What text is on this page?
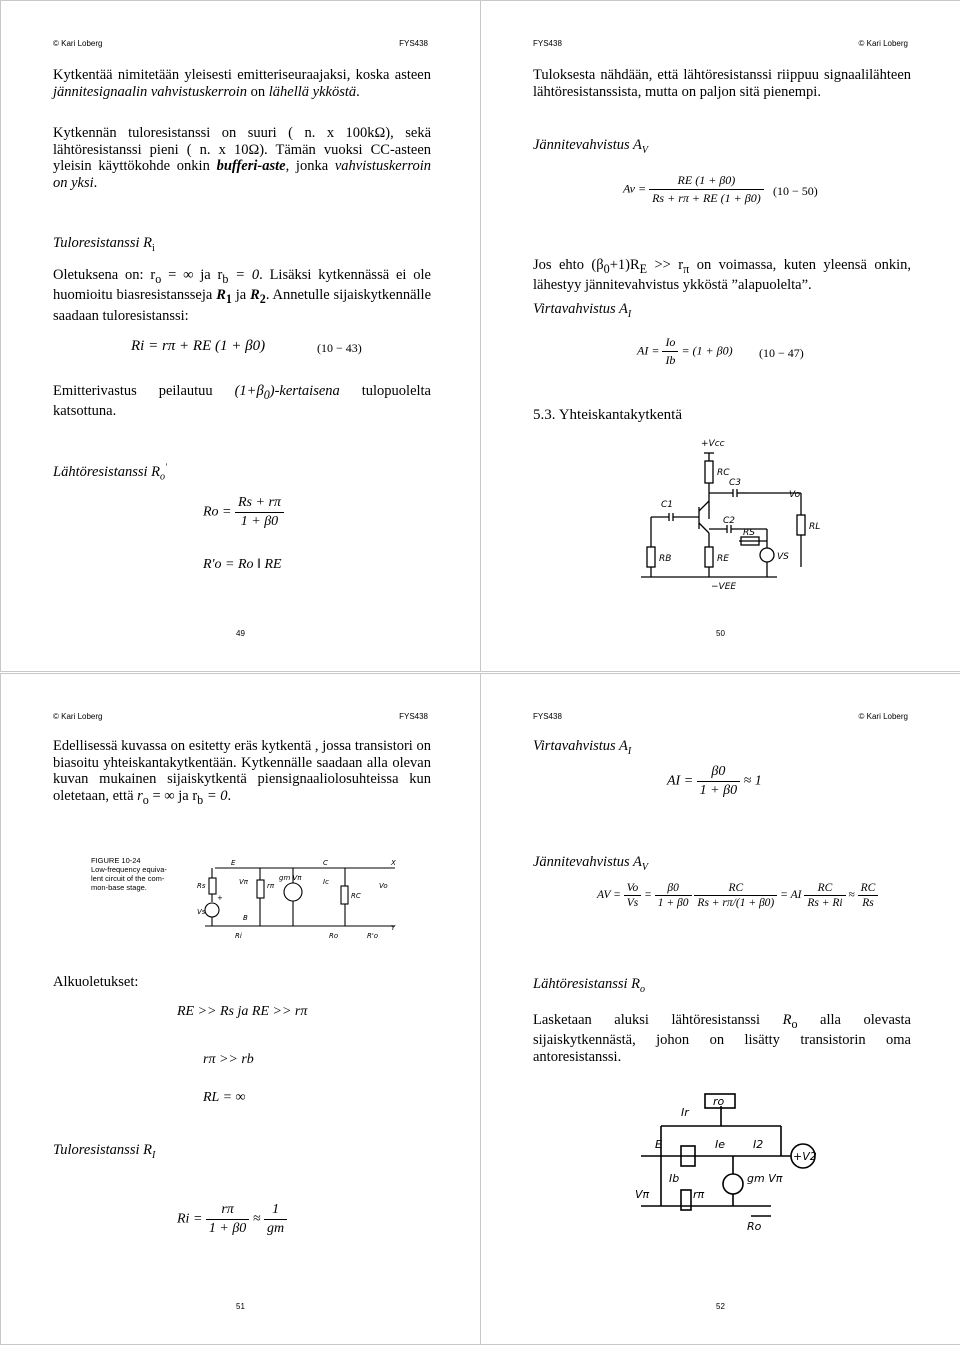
© Kari Loberg	FYS438
Kytkentää nimitetään yleisesti emitteriseuraajaksi, koska asteen jännitesignaalin vahvistuskerroin on lähellä ykköstä.
Kytkennän tuloresistanssi on suuri ( n. x 100kΩ), sekä lähtöresistanssi pieni ( n. x 10Ω). Tämän vuoksi CC-asteen yleisin käyttökohde onkin bufferi-aste, jonka vahvistuskerroin on yksi.
Tuloresistanssi $R_i$
Oletuksena on: $r_o$ = ∞ ja $r_b = 0$. Lisäksi kytkennässä ei ole huomioitu biasresistansseja $R_1$ ja $R_2$. Annetulle sijaiskytkennälle saadaan tuloresistanssi:
Ri = rπ + RE (1 + β0)	(10 − 43)
Emitterivastus peilautuu $(1+\beta_0)$-kertaisena tulopuolelta katsottuna.
Lähtöresistanssi $R_o'$
$Ro = \frac{Rs + r\pi}{1 + \beta 0}$
R'o = Ro ‖ RE
49
FYS438	© Kari Loberg
Tuloksesta nähdään, että lähtöresistanssi riippuu signaalilähteen lähtöresistanssista, mutta on paljon sitä pienempi.
Jännitevahvistus $A_V$
$Av = \frac{RE (1 + \beta 0)}{Rs + r\pi + RE (1 + \beta 0)} (10 - 50)$
Jos ehto $(\beta_0+1)R_E >> r_\pi$ on voimassa, kuten yleensä onkin, lähestyy jännitevahvistus ykköstä ”alapuolelta”.
Virtavahvistus $A_I$
AI = $\frac{Io}{Ib} = (1 + \beta 0) (10 - 47)$
5.3. Yhteiskantakytkentä
+Vcc
RC
C3
C1
Vo
C2
RL
RS
RB	RE	VS
−VEE
50
© Kari Loberg	FYS438
Edellisessä kuvassa on esitetty eräs kytkentä , jossa transistori on biasoitu yhteiskantakytkentään. Kytkennälle saadaan alla olevan kuvan mukainen sijaiskytkentä piensignaaliolosuhteissa kun oletetaan, että $r_o$ = ∞ ja $r_b = 0$.
FIGURE 10-24
Low-frequency equiva-
lent circuit of the com-
mon-base stage.
E	C	X
Rs
+
Vπ	rπ
gm Vπ	Ic
RC
Vo
Vs
B
Y
Ri	Ro	R'o
Alkuoletukset:
RE >> Rs ja RE >> rπ
rπ >> rb
RL = ∞
Tuloresistanssi $R_I$
$Ri = \frac{r\pi}{1 + \beta 0} \approx \frac{1}{gm}$
51
FYS438	© Kari Loberg
Virtavahvistus $A_I$
AI = $\frac{\beta 0}{1 + \beta 0} \approx 1$
Jännitevahvistus $A_V$
AV = $\frac{Vo}{Vs} = \frac{\beta 0}{1 + \beta 0}$
$\frac{RC}{Rs + r\pi/(1 + \beta 0)}$ = AI $\frac{RC}{Rs + Ri} \approx \frac{RC}{Rs}$
Lähtöresistanssi $R_o$
Lasketaan aluksi lähtöresistanssi $R_o$ alla olevasta sijaiskytkennästä, johon on lisätty transistorin oma antoresistanssi.
ro
Ir
E	Ie	I2
+V2
Ib
Vπ	rπ
gm Vπ
Ro
52
